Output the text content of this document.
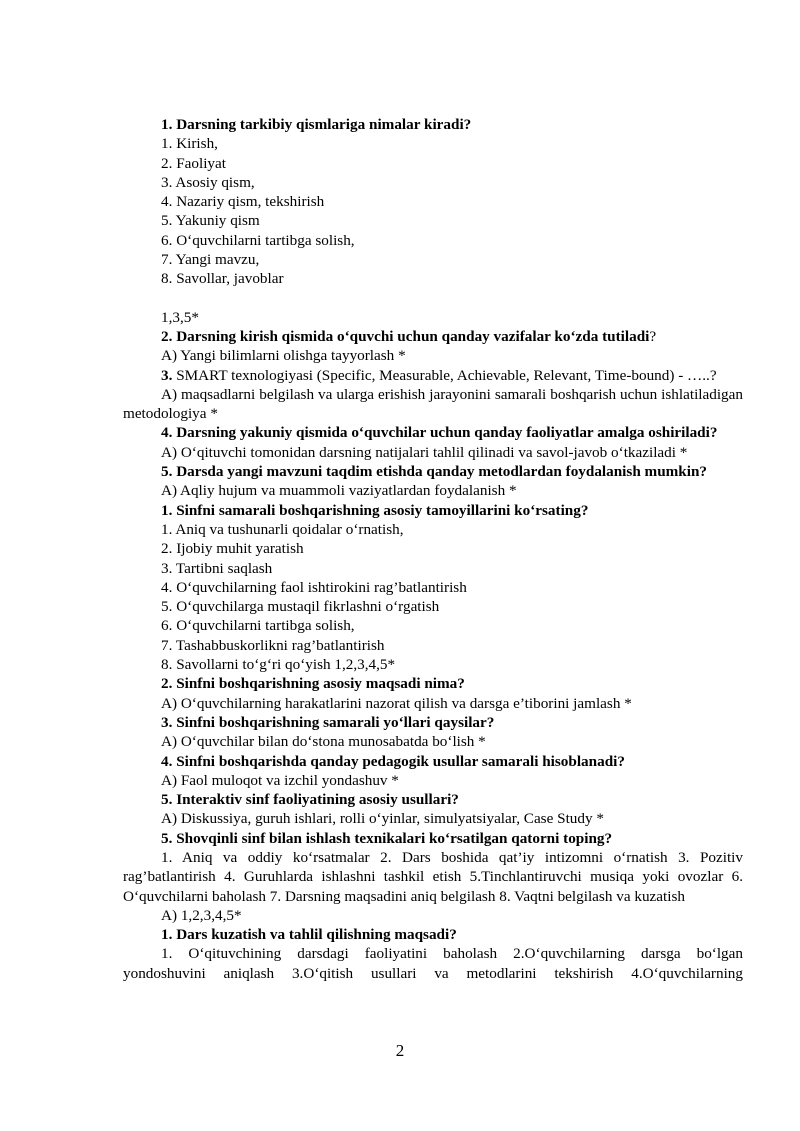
1. Darsning tarkibiy qismlariga nimalar kiradi?
1. Kirish,
2. Faoliyat
3. Asosiy qism,
4. Nazariy qism, tekshirish
5. Yakuniy qism
6. O‘quvchilarni tartibga solish,
7. Yangi mavzu,
8. Savollar, javoblar
1,3,5*
2. Darsning kirish qismida o‘quvchi uchun qanday vazifalar ko‘zda tutiladi?
A) Yangi bilimlarni olishga tayyorlash *
3. SMART texnologiyasi (Specific, Measurable, Achievable, Relevant, Time-bound) - …..?
A) maqsadlarni belgilash va ularga erishish jarayonini samarali boshqarish uchun ishlatiladigan metodologiya *
4. Darsning yakuniy qismida o‘quvchilar uchun qanday faoliyatlar amalga oshiriladi?
A) O‘qituvchi tomonidan darsning natijalari tahlil qilinadi va savol-javob o‘tkaziladi *
5. Darsda yangi mavzuni taqdim etishda qanday metodlardan foydalanish mumkin?
A) Aqliy hujum va muammoli vaziyatlardan foydalanish *
1. Sinfni samarali boshqarishning asosiy tamoyillarini ko‘rsating?
1. Aniq va tushunarli qoidalar o‘rnatish,
2. Ijobiy muhit yaratish
3. Tartibni saqlash
4. O‘quvchilarning faol ishtirokini rag’batlantirish
5. O‘quvchilarga mustaqil fikrlashni o‘rgatish
6. O‘quvchilarni tartibga solish,
7. Tashabbuskorlikni rag’batlantirish
8. Savollarni to‘g‘ri qo‘yish 1,2,3,4,5*
2. Sinfni boshqarishning asosiy maqsadi nima?
A) O‘quvchilarning harakatlarini nazorat qilish va darsga e’tiborini jamlash *
3. Sinfni boshqarishning samarali yo‘llari qaysilar?
A) O‘quvchilar bilan do‘stona munosabatda bo‘lish *
4. Sinfni boshqarishda qanday pedagogik usullar samarali hisoblanadi?
A) Faol muloqot va izchil yondashuv *
5. Interaktiv sinf faoliyatining asosiy usullari?
A) Diskussiya, guruh ishlari, rolli o‘yinlar, simulyatsiyalar, Case Study *
5. Shovqinli sinf bilan ishlash texnikalari ko‘rsatilgan qatorni toping?
1. Aniq va oddiy ko‘rsatmalar 2. Dars boshida qat’iy intizomni o‘rnatish 3. Pozitiv rag’batlantirish 4. Guruhlarda ishlashni tashkil etish 5.Tinchlantiruvchi musiqa yoki ovozlar 6. O‘quvchilarni baholash 7. Darsning maqsadini aniq belgilash 8. Vaqtni belgilash va kuzatish
A) 1,2,3,4,5*
1. Dars kuzatish va tahlil qilishning maqsadi?
1. O‘qituvchining darsdagi faoliyatini baholash 2.O‘quvchilarning darsga bo‘lgan yondoshuvini aniqlash 3.O‘qitish usullari va metodlarini tekshirish 4.O‘quvchilarning
2
